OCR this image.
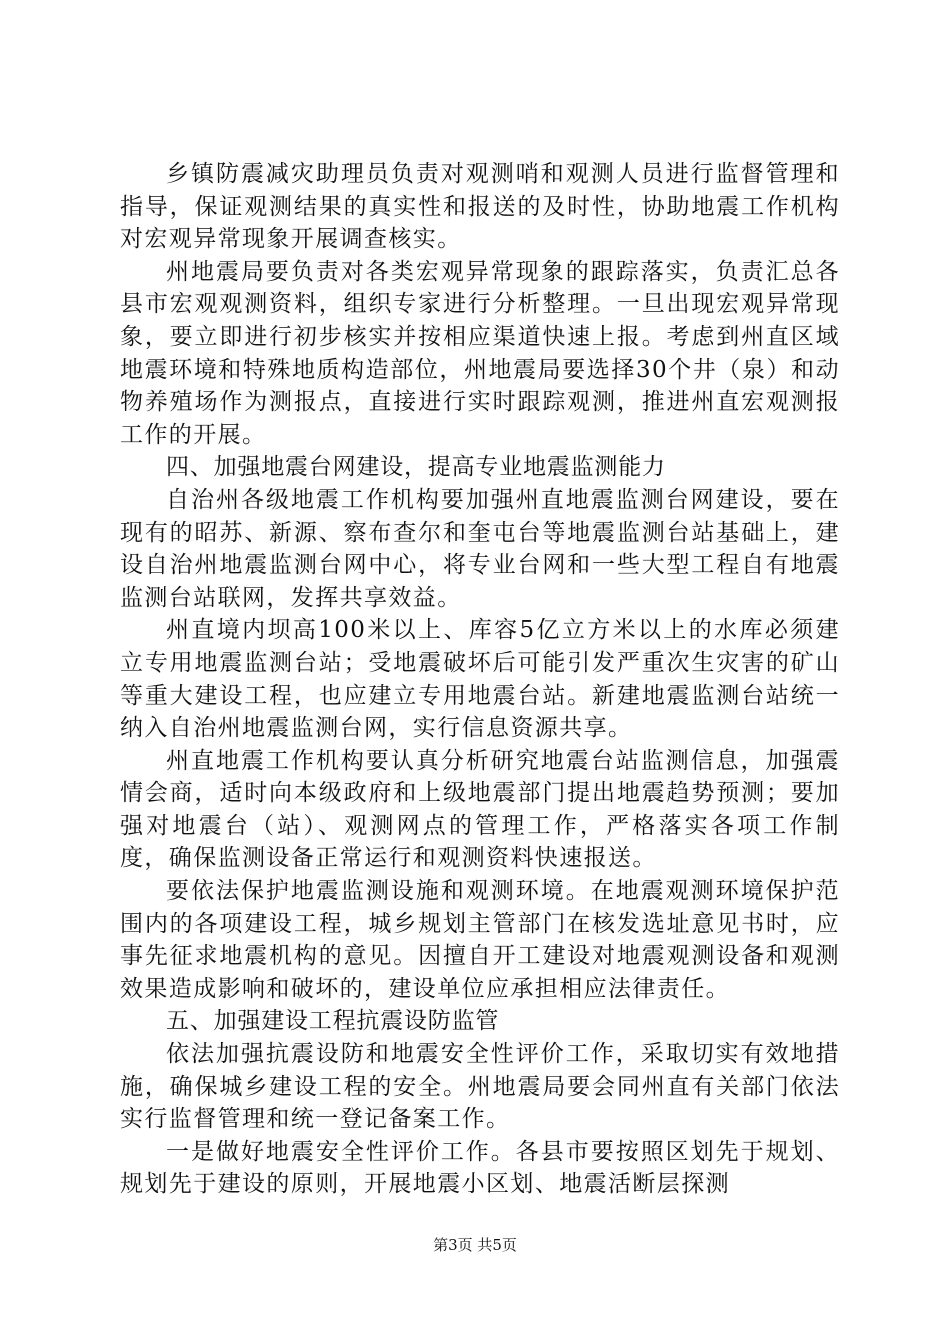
乡镇防震减灾助理员负责对观测哨和观测人员进行监督管理和指导，保证观测结果的真实性和报送的及时性，协助地震工作机构对宏观异常现象开展调查核实。

州地震局要负责对各类宏观异常现象的跟踪落实，负责汇总各县市宏观观测资料，组织专家进行分析整理。一旦出现宏观异常现象，要立即进行初步核实并按相应渠道快速上报。考虑到州直区域地震环境和特殊地质构造部位，州地震局要选择30个井（泉）和动物养殖场作为测报点，直接进行实时跟踪观测，推进州直宏观测报工作的开展。

四、加强地震台网建设，提高专业地震监测能力

自治州各级地震工作机构要加强州直地震监测台网建设，要在现有的昭苏、新源、察布查尔和奎屯台等地震监测台站基础上，建设自治州地震监测台网中心，将专业台网和一些大型工程自有地震监测台站联网，发挥共享效益。

州直境内坝高100米以上、库容5亿立方米以上的水库必须建立专用地震监测台站；受地震破坏后可能引发严重次生灾害的矿山等重大建设工程，也应建立专用地震台站。新建地震监测台站统一纳入自治州地震监测台网，实行信息资源共享。

州直地震工作机构要认真分析研究地震台站监测信息，加强震情会商，适时向本级政府和上级地震部门提出地震趋势预测；要加强对地震台（站）、观测网点的管理工作，严格落实各项工作制度，确保监测设备正常运行和观测资料快速报送。

要依法保护地震监测设施和观测环境。在地震观测环境保护范围内的各项建设工程，城乡规划主管部门在核发选址意见书时，应事先征求地震机构的意见。因擅自开工建设对地震观测设备和观测效果造成影响和破坏的，建设单位应承担相应法律责任。

五、加强建设工程抗震设防监管

依法加强抗震设防和地震安全性评价工作，采取切实有效地措施，确保城乡建设工程的安全。州地震局要会同州直有关部门依法实行监督管理和统一登记备案工作。

一是做好地震安全性评价工作。各县市要按照区划先于规划、规划先于建设的原则，开展地震小区划、地震活断层探测

第3页 共5页
